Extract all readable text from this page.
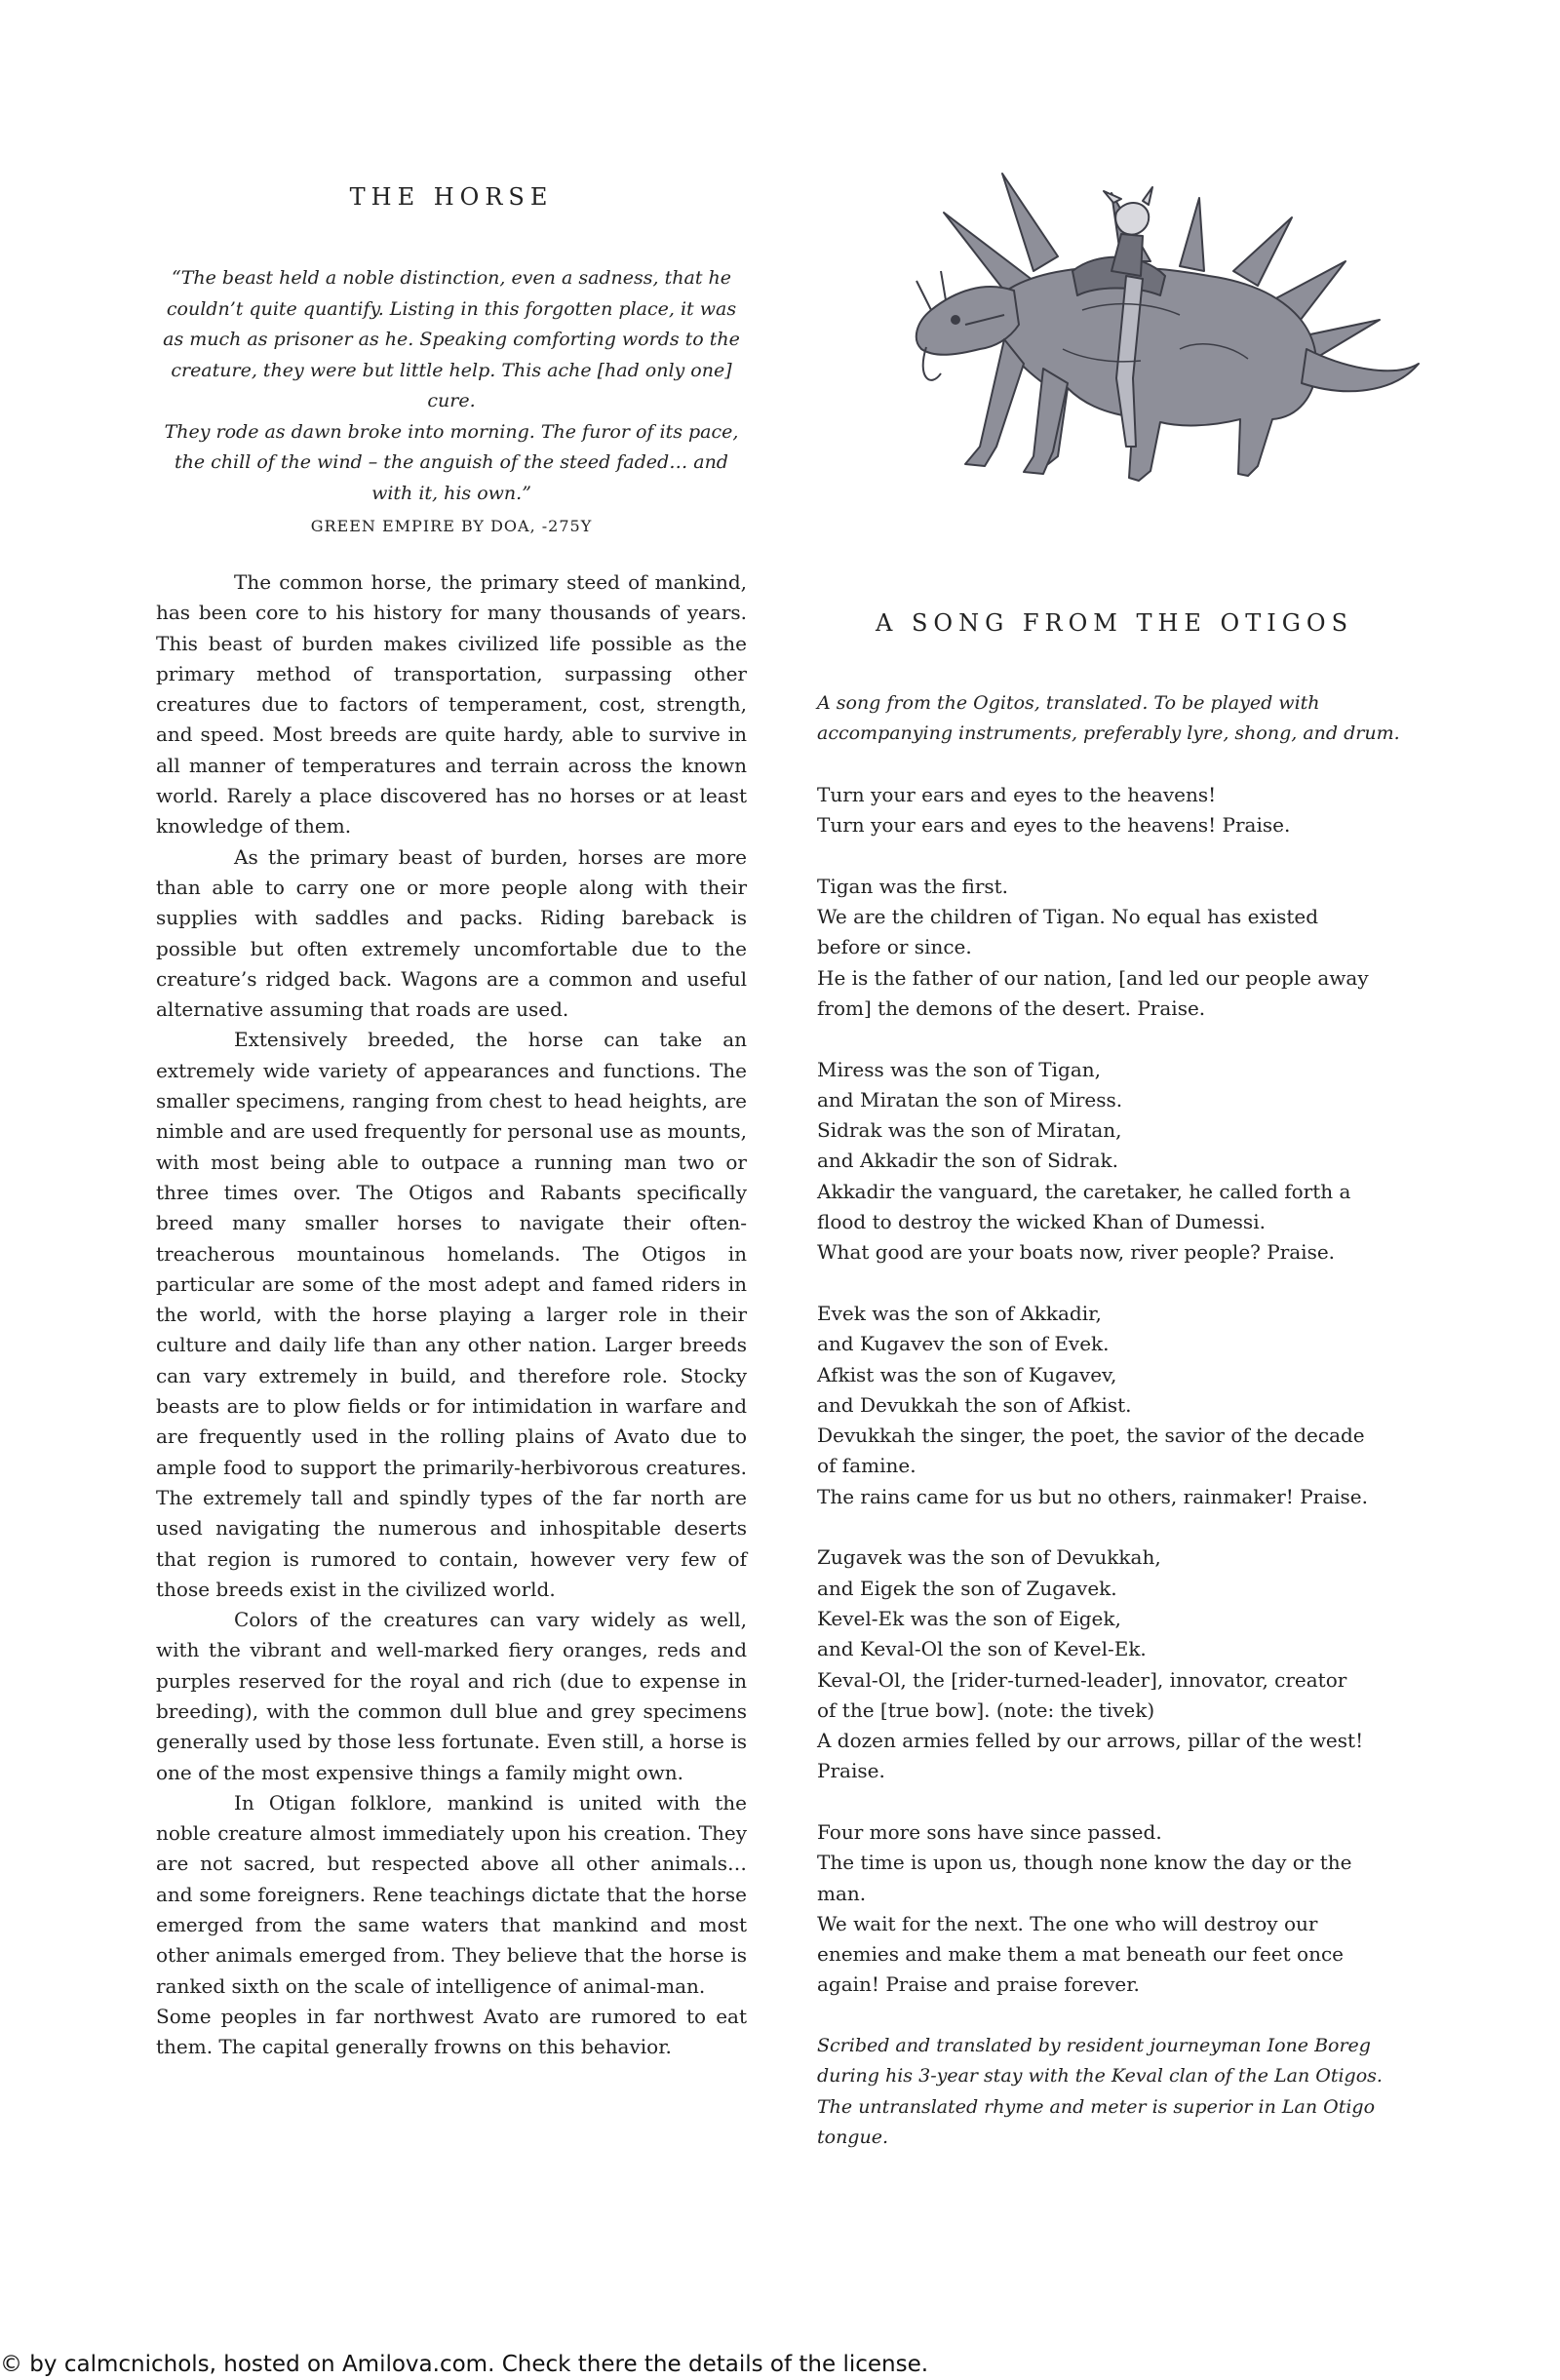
THE HORSE

“The beast held a noble distinction, even a sadness, that he

couldn’t quite quantify. Listing in this forgotten place, it was

as much as prisoner as he. Speaking comforting words to the

creature, they were but little help. This ache [had only one]

cure.

They rode as dawn broke into morning. The furor of its pace,

the chill of the wind – the anguish of the steed faded… and

with it, his own.”

GREEN EMPIRE BY DOA, -275Y

The common horse, the primary steed of mankind, has been core to his history for many thousands of years. This beast of burden makes civilized life possible as the primary method of transportation, surpassing other creatures due to factors of temperament, cost, strength, and speed. Most breeds are quite hardy, able to survive in all manner of temperatures and terrain across the known world. Rarely a place discovered has no horses or at least knowledge of them.

As the primary beast of burden, horses are more than able to carry one or more people along with their supplies with saddles and packs. Riding bareback is possible but often extremely uncomfortable due to the creature’s ridged back. Wagons are a common and useful alternative assuming that roads are used.

Extensively breeded, the horse can take an extremely wide variety of appearances and functions. The smaller specimens, ranging from chest to head heights, are nimble and are used frequently for personal use as mounts, with most being able to outpace a running man two or three times over. The Otigos and Rabants specifically breed many smaller horses to navigate their often-treacherous mountainous homelands. The Otigos in particular are some of the most adept and famed riders in the world, with the horse playing a larger role in their culture and daily life than any other nation. Larger breeds can vary extremely in build, and therefore role. Stocky beasts are to plow fields or for intimidation in warfare and are frequently used in the rolling plains of Avato due to ample food to support the primarily-herbivorous creatures. The extremely tall and spindly types of the far north are used navigating the numerous and inhospitable deserts that region is rumored to contain, however very few of those breeds exist in the civilized world.

Colors of the creatures can vary widely as well, with the vibrant and well-marked fiery oranges, reds and purples reserved for the royal and rich (due to expense in breeding), with the common dull blue and grey specimens generally used by those less fortunate. Even still, a horse is one of the most expensive things a family might own.

In Otigan folklore, mankind is united with the noble creature almost immediately upon his creation. They are not sacred, but respected above all other animals… and some foreigners. Rene teachings dictate that the horse emerged from the same waters that mankind and most other animals emerged from. They believe that the horse is ranked sixth on the scale of intelligence of animal-man.

Some peoples in far northwest Avato are rumored to eat them. The capital generally frowns on this behavior.

A SONG FROM THE OTIGOS

A song from the Ogitos, translated. To be played with accompanying instruments, preferably lyre, shong, and drum.

Turn your ears and eyes to the heavens!
Turn your ears and eyes to the heavens! Praise.

Tigan was the first.
We are the children of Tigan. No equal has existed
before or since.
He is the father of our nation, [and led our people away
from] the demons of the desert. Praise.

Miress was the son of Tigan,
and Miratan the son of Miress.
Sidrak was the son of Miratan,
and Akkadir the son of Sidrak.
Akkadir the vanguard, the caretaker, he called forth a
flood to destroy the wicked Khan of Dumessi.
What good are your boats now, river people? Praise.

Evek was the son of Akkadir,
and Kugavev the son of Evek.
Afkist was the son of Kugavev,
and Devukkah the son of Afkist.
Devukkah the singer, the poet, the savior of the decade
of famine.
The rains came for us but no others, rainmaker! Praise.

Zugavek was the son of Devukkah,
and Eigek the son of Zugavek.
Kevel-Ek was the son of Eigek,
and Keval-Ol the son of Kevel-Ek.
Keval-Ol, the [rider-turned-leader], innovator, creator
of the [true bow]. (note: the tivek)
A dozen armies felled by our arrows, pillar of the west!
Praise.

Four more sons have since passed.
The time is upon us, though none know the day or the
man.
We wait for the next. The one who will destroy our
enemies and make them a mat beneath our feet once
again! Praise and praise forever.

Scribed and translated by resident journeyman Ione Boreg during his 3-year stay with the Keval clan of the Lan Otigos. The untranslated rhyme and meter is superior in Lan Otigo tongue.

© by calmcnichols, hosted on Amilova.com. Check there the details of the license.
